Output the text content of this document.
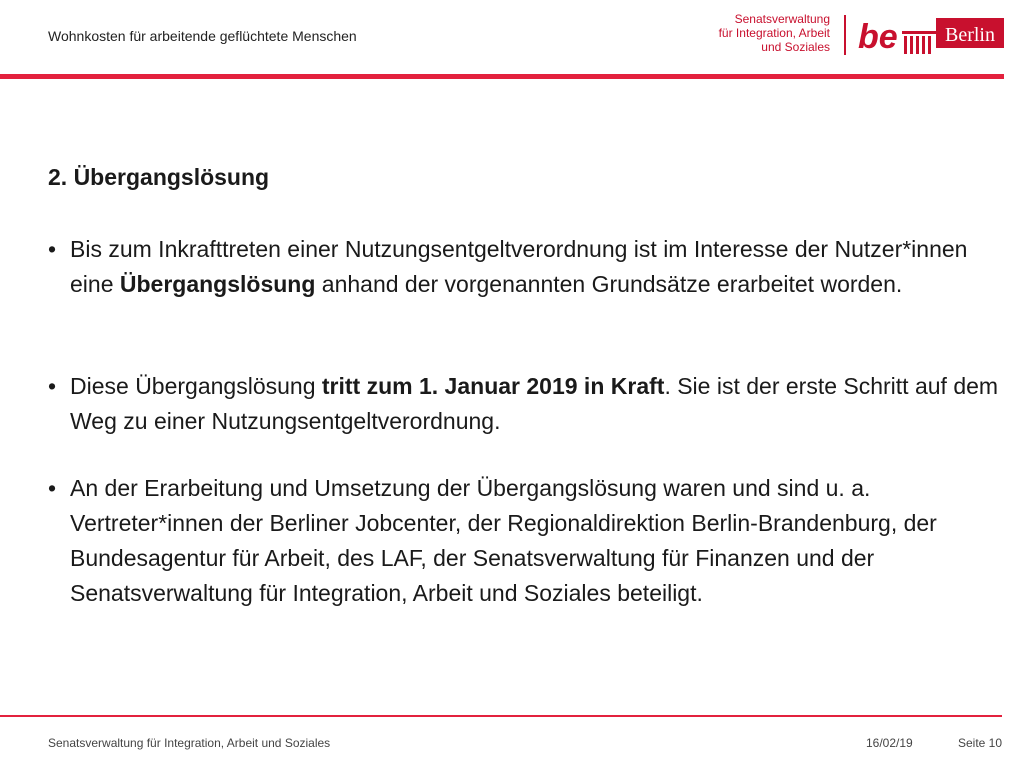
Wohnkosten für arbeitende geflüchtete Menschen
Senatsverwaltung
für Integration, Arbeit
und Soziales be Berlin
2. Übergangslösung
• Bis zum Inkrafttreten einer Nutzungsentgeltverordnung ist im Interesse der Nutzer*innen eine Übergangslösung anhand der vorgenannten Grundsätze erarbeitet worden.
• Diese Übergangslösung tritt zum 1. Januar 2019 in Kraft. Sie ist der erste Schritt auf dem Weg zu einer Nutzungsentgeltverordnung.
• An der Erarbeitung und Umsetzung der Übergangslösung waren und sind u. a. Vertreter*innen der Berliner Jobcenter, der Regionaldirektion Berlin-Brandenburg, der Bundesagentur für Arbeit, des LAF, der Senatsverwaltung für Finanzen und der Senatsverwaltung für Integration, Arbeit und Soziales beteiligt.
Senatsverwaltung für Integration, Arbeit und Soziales	16/02/19	Seite 10
